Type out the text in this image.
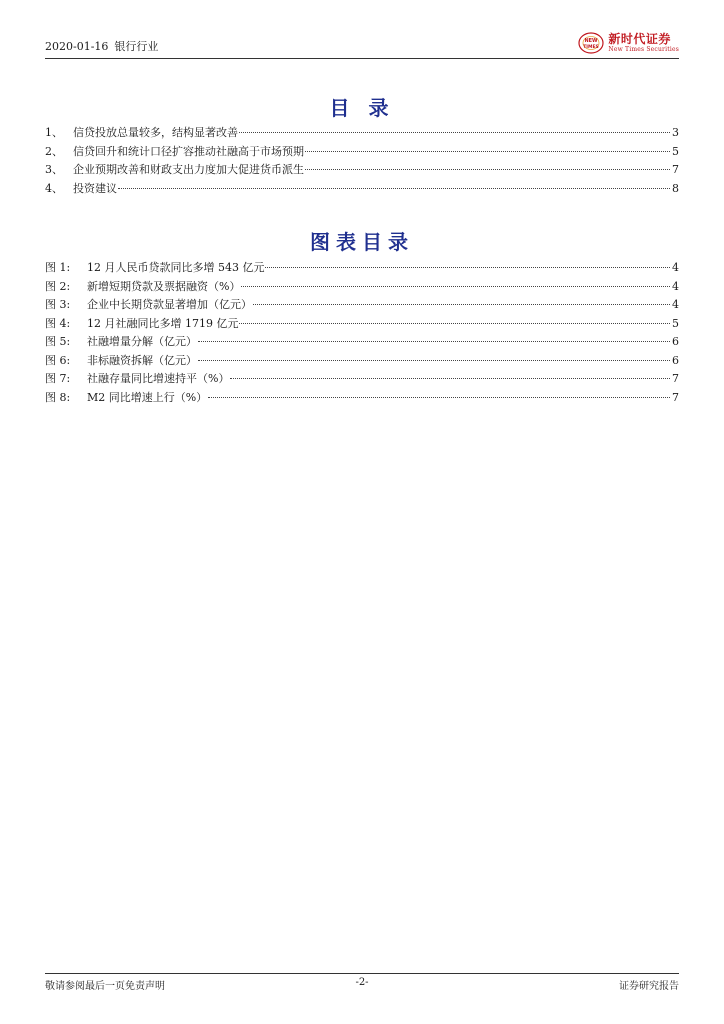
2020-01-16 银行行业	NEW
TIMES
新时代证券
New Times Securities
目 录
1、 信贷投放总量较多，结构显著改善	3
2、 信贷回升和统计口径扩容推动社融高于市场预期	5
3、 企业预期改善和财政支出力度加大促进货币派生	7
4、 投资建议	8
图表目录
图 1:	12 月人民币贷款同比多增 543 亿元	4
图 2:	新增短期贷款及票据融资（%）	4
图 3:	企业中长期贷款显著增加（亿元）	4
图 4:	12 月社融同比多增 1719 亿元	5
图 5:	社融增量分解（亿元）	6
图 6:	非标融资拆解（亿元）	6
图 7:	社融存量同比增速持平（%）	7
图 8:	M2 同比增速上行（%）	7
敬请参阅最后一页免责声明	-2-	证券研究报告
